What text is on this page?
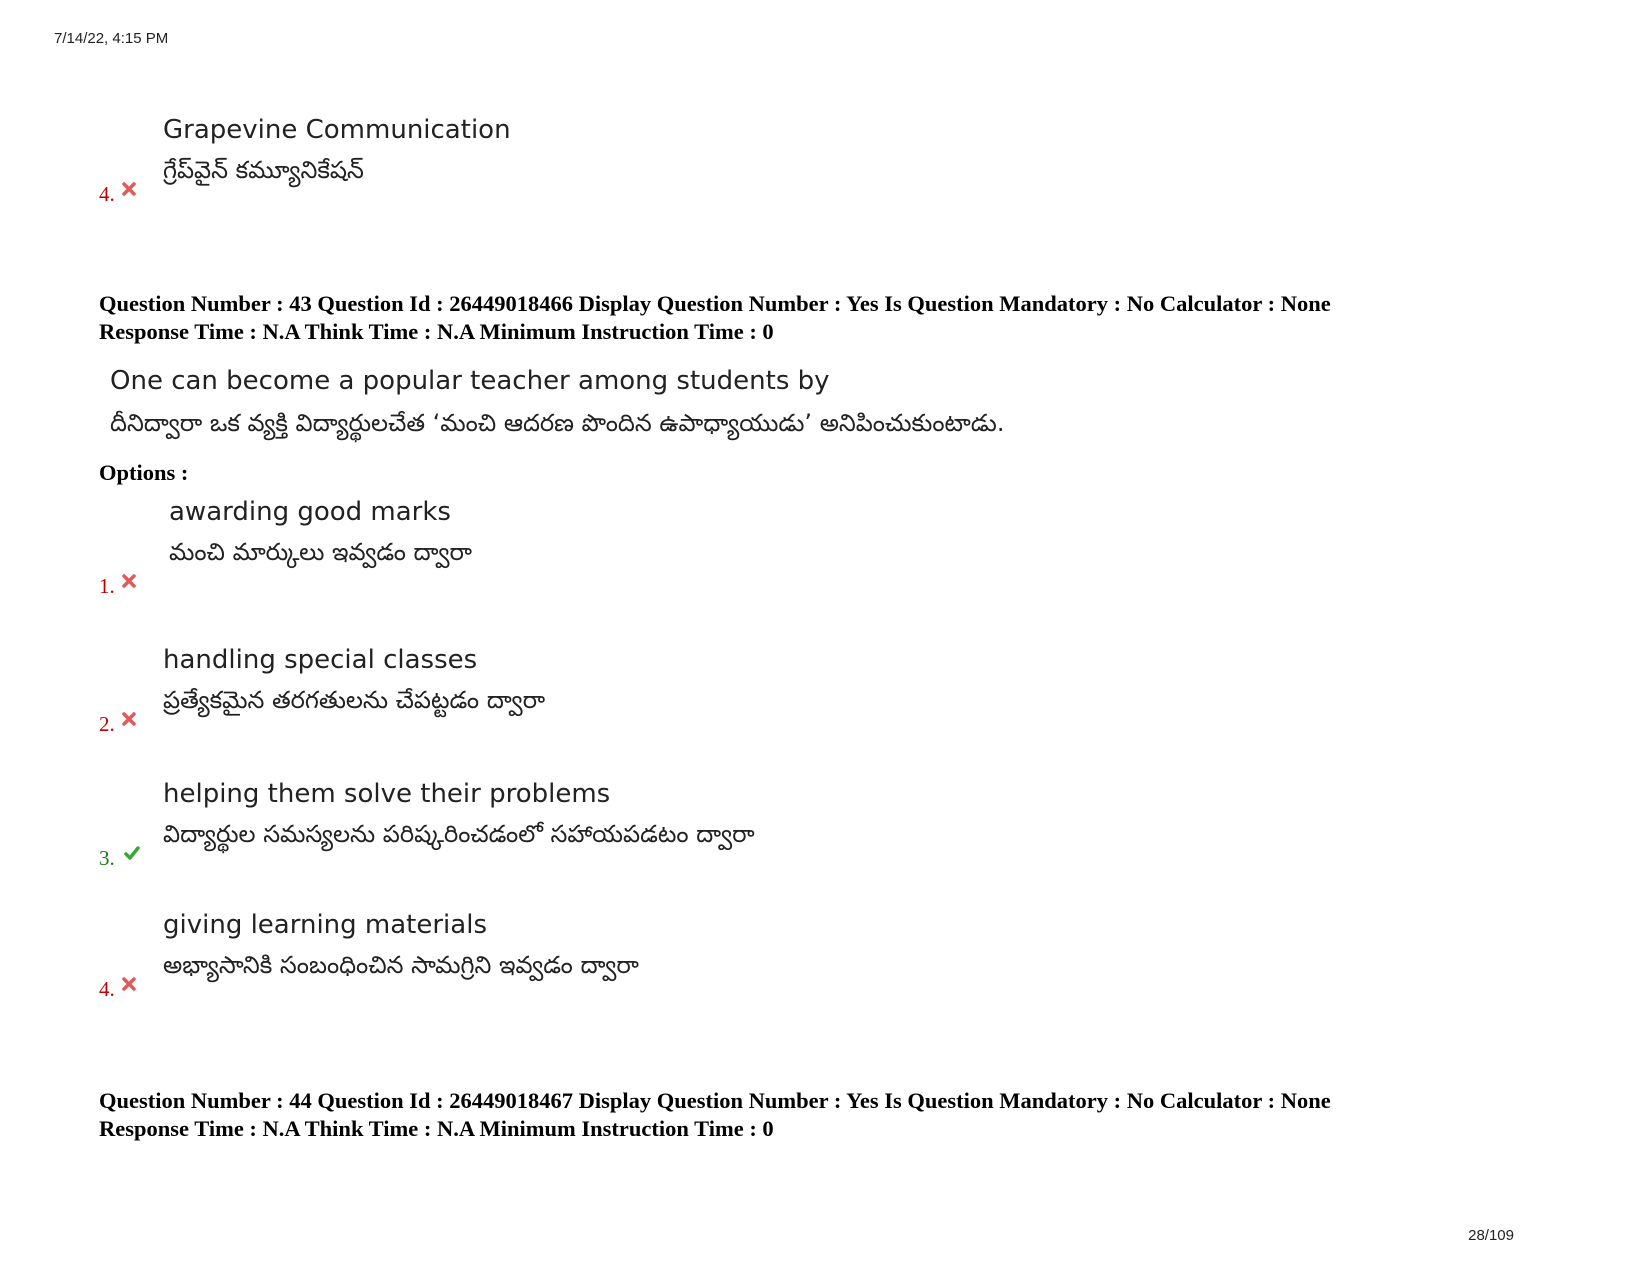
7/14/22, 4:15 PM
4.
Grapevine Communication
గ్రేప్‌వైన్ కమ్యూనికేషన్
Question Number : 43 Question Id : 26449018466 Display Question Number : Yes Is Question Mandatory : No Calculator : None
Response Time : N.A Think Time : N.A Minimum Instruction Time : 0
One can become a popular teacher among students by
దీనిద్వారా ఒక వ్యక్తి విద్యార్థులచేత ‘మంచి ఆదరణ పొందిన ఉపాధ్యాయుడు’ అనిపించుకుంటాడు.
Options :
1.
awarding good marks
మంచి మార్కులు ఇవ్వడం ద్వారా
2.
handling special classes
ప్రత్యేకమైన తరగతులను చేపట్టడం ద్వారా
3.
helping them solve their problems
విద్యార్థుల సమస్యలను పరిష్కరించడంలో సహాయపడటం ద్వారా
4.
giving learning materials
అభ్యాసానికి సంబంధించిన సామగ్రిని ఇవ్వడం ద్వారా
Question Number : 44 Question Id : 26449018467 Display Question Number : Yes Is Question Mandatory : No Calculator : None
Response Time : N.A Think Time : N.A Minimum Instruction Time : 0
28/109
